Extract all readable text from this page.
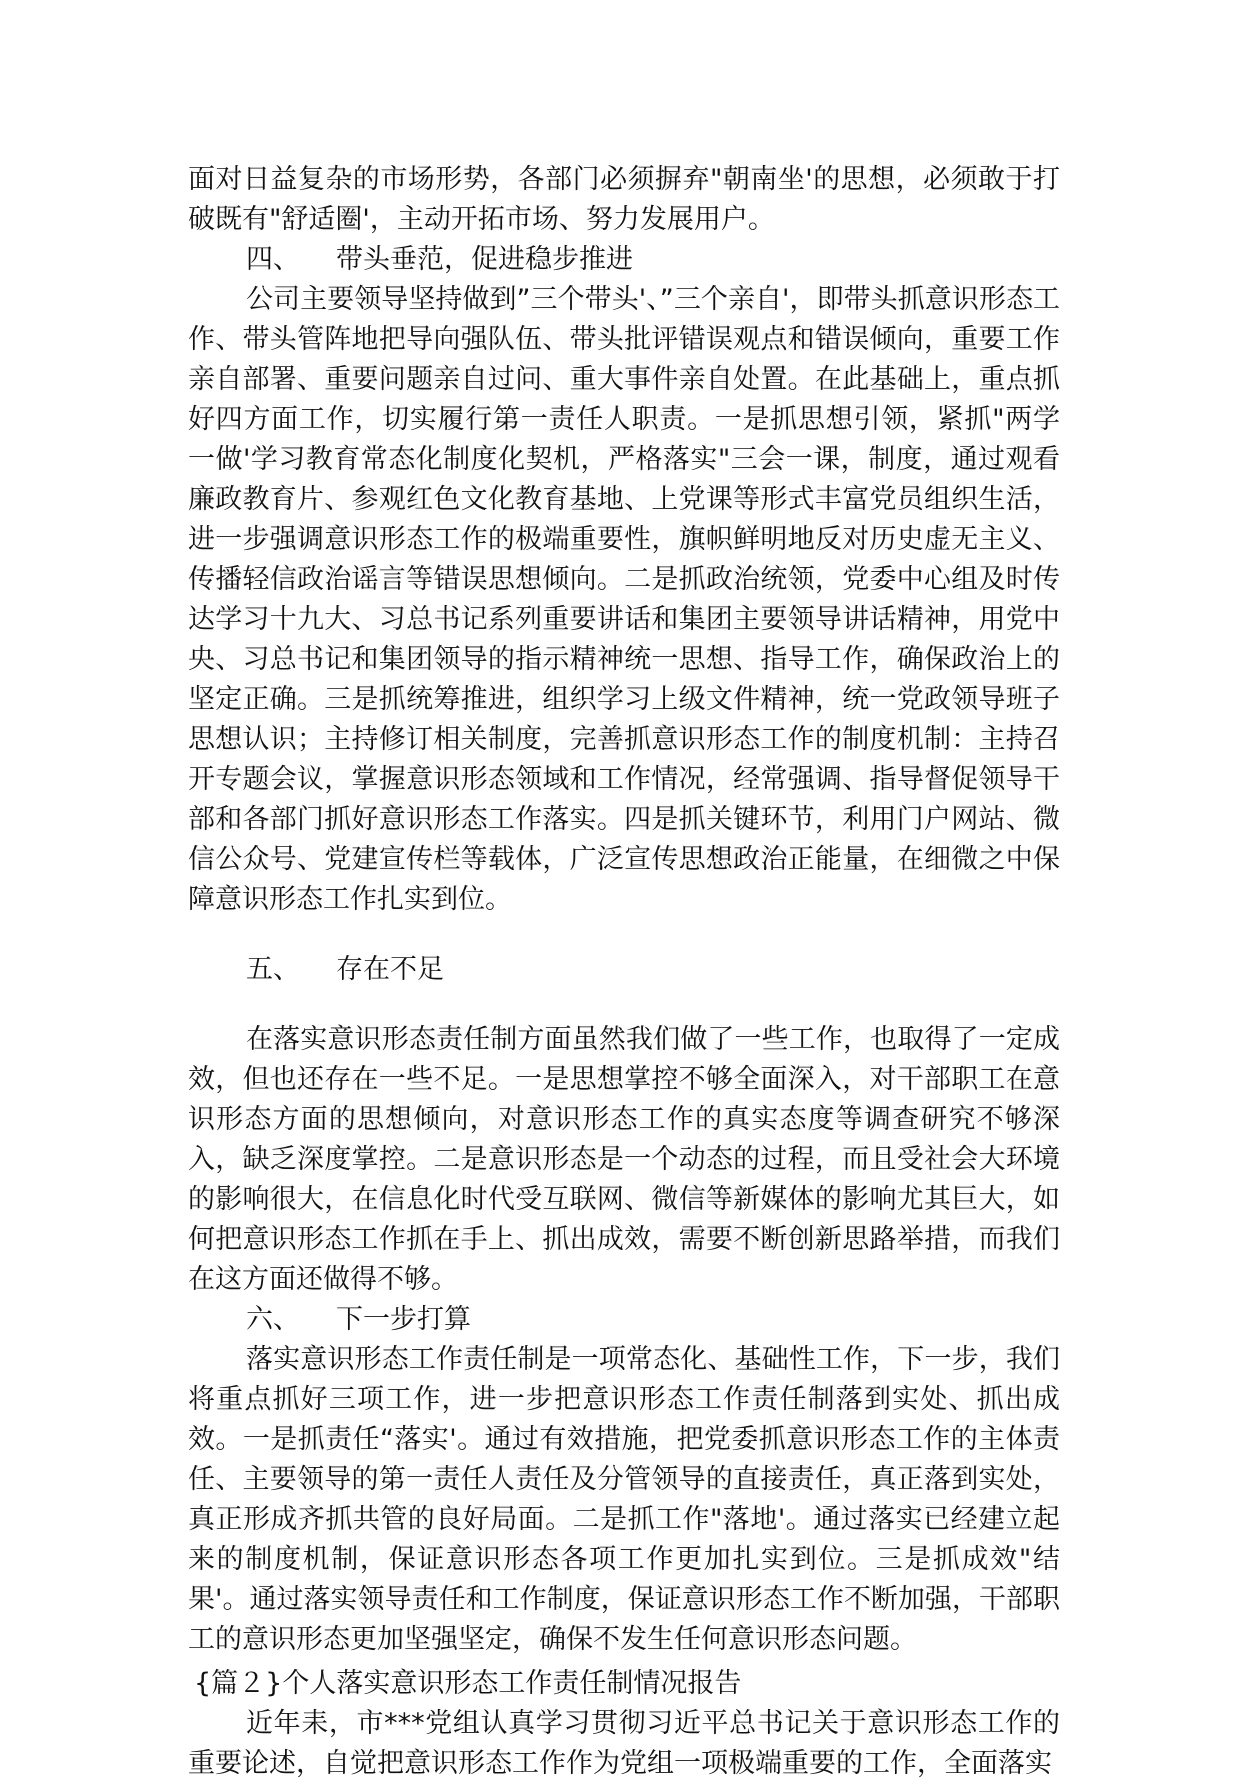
面对日益复杂的市场形势，各部门必须摒弃"朝南坐'的思想，必须敢于打破既有"舒适圈'，主动开拓市场、努力发展用户。

四、 带头垂范，促进稳步推进

公司主要领导坚持做到”三个带头'、”三个亲自'，即带头抓意识形态工作、带头管阵地把导向强队伍、带头批评错误观点和错误倾向，重要工作亲自部署、重要问题亲自过问、重大事件亲自处置。在此基础上，重点抓好四方面工作，切实履行第一责任人职责。一是抓思想引领，紧抓"两学一做'学习教育常态化制度化契机，严格落实"三会一课，制度，通过观看廉政教育片、参观红色文化教育基地、上党课等形式丰富党员组织生活，进一步强调意识形态工作的极端重要性，旗帜鲜明地反对历史虚无主义、传播轻信政治谣言等错误思想倾向。二是抓政治统领，党委中心组及时传达学习十九大、习总书记系列重要讲话和集团主要领导讲话精神，用党中央、习总书记和集团领导的指示精神统一思想、指导工作，确保政治上的坚定正确。三是抓统筹推进，组织学习上级文件精神，统一党政领导班子思想认识；主持修订相关制度，完善抓意识形态工作的制度机制：主持召开专题会议，掌握意识形态领域和工作情况，经常强调、指导督促领导干部和各部门抓好意识形态工作落实。四是抓关键环节，利用门户网站、微信公众号、党建宣传栏等载体，广泛宣传思想政治正能量，在细微之中保障意识形态工作扎实到位。

五、 存在不足

在落实意识形态责任制方面虽然我们做了一些工作，也取得了一定成效，但也还存在一些不足。一是思想掌控不够全面深入，对干部职工在意识形态方面的思想倾向，对意识形态工作的真实态度等调查研究不够深入，缺乏深度掌控。二是意识形态是一个动态的过程，而且受社会大环境的影响很大，在信息化时代受互联网、微信等新媒体的影响尤其巨大，如何把意识形态工作抓在手上、抓出成效，需要不断创新思路举措，而我们在这方面还做得不够。

六、 下一步打算

落实意识形态工作责任制是一项常态化、基础性工作，下一步，我们将重点抓好三项工作，进一步把意识形态工作责任制落到实处、抓出成效。一是抓责任“落实'。通过有效措施，把党委抓意识形态工作的主体责任、主要领导的第一责任人责任及分管领导的直接责任，真正落到实处，真正形成齐抓共管的良好局面。二是抓工作"落地'。通过落实已经建立起来的制度机制，保证意识形态各项工作更加扎实到位。三是抓成效"结果'。通过落实领导责任和工作制度，保证意识形态工作不断加强，干部职工的意识形态更加坚强坚定，确保不发生任何意识形态问题。

{篇２}个人落实意识形态工作责任制情况报告

近年耒，市***党组认真学习贯彻习近平总书记关于意识形态工作的重要论述，自觉把意识形态工作作为党组一项极端重要的工作，全面落实
